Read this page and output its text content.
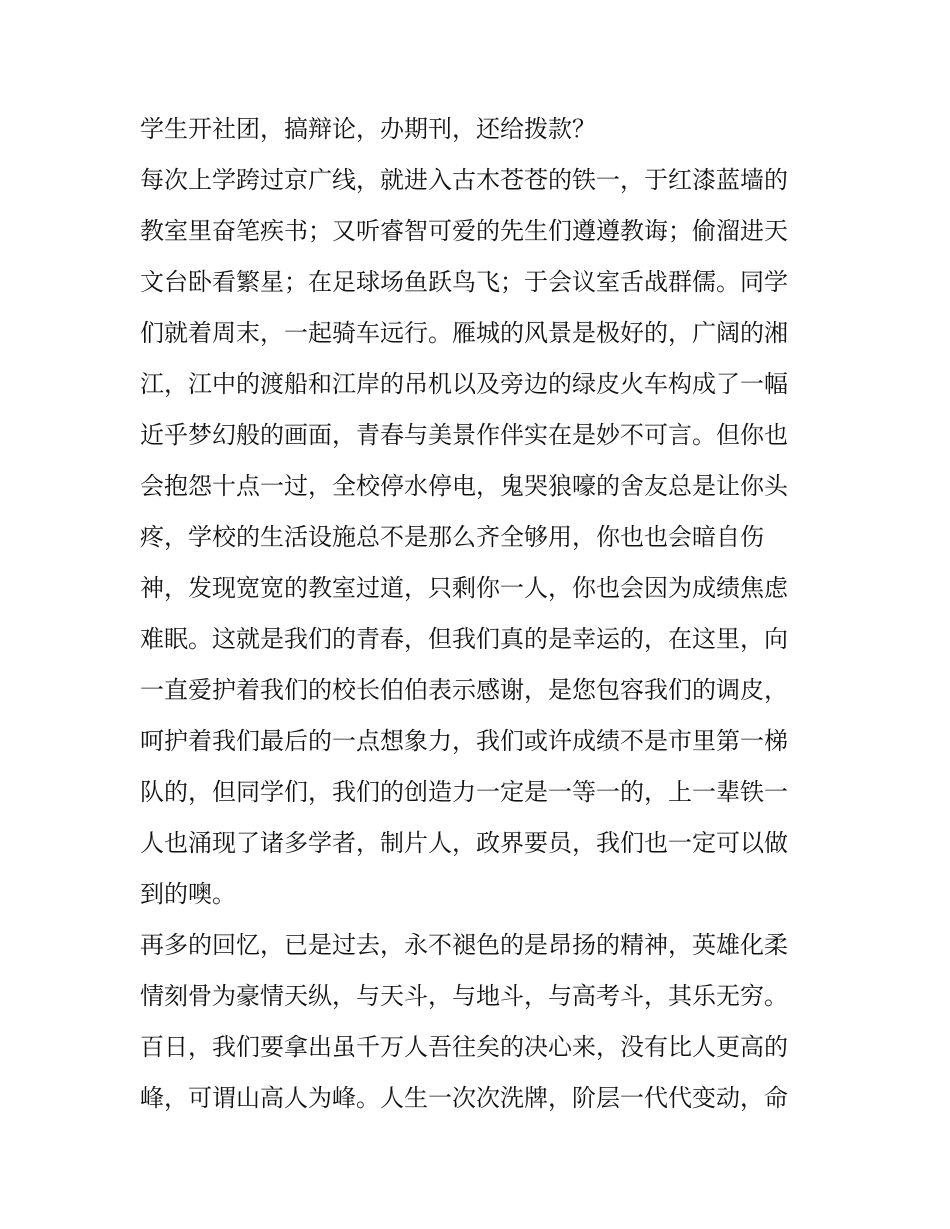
学生开社团，搞辩论，办期刊，还给拨款？
每次上学跨过京广线，就进入古木苍苍的铁一，于红漆蓝墙的
教室里奋笔疾书；又听睿智可爱的先生们遵遵教诲；偷溜进天
文台卧看繁星；在足球场鱼跃鸟飞；于会议室舌战群儒。同学
们就着周末，一起骑车远行。雁城的风景是极好的，广阔的湘
江，江中的渡船和江岸的吊机以及旁边的绿皮火车构成了一幅
近乎梦幻般的画面，青春与美景作伴实在是妙不可言。但你也
会抱怨十点一过，全校停水停电，鬼哭狼嚎的舍友总是让你头
疼，学校的生活设施总不是那么齐全够用，你也也会暗自伤
神，发现宽宽的教室过道，只剩你一人，你也会因为成绩焦虑
难眠。这就是我们的青春，但我们真的是幸运的，在这里，向
一直爱护着我们的校长伯伯表示感谢，是您包容我们的调皮，
呵护着我们最后的一点想象力，我们或许成绩不是市里第一梯
队的，但同学们，我们的创造力一定是一等一的，上一辈铁一
人也涌现了诸多学者，制片人，政界要员，我们也一定可以做
到的噢。
再多的回忆，已是过去，永不褪色的是昂扬的精神，英雄化柔
情刻骨为豪情天纵，与天斗，与地斗，与高考斗，其乐无穷。
百日，我们要拿出虽千万人吾往矣的决心来，没有比人更高的
峰，可谓山高人为峰。人生一次次洗牌，阶层一代代变动，命
